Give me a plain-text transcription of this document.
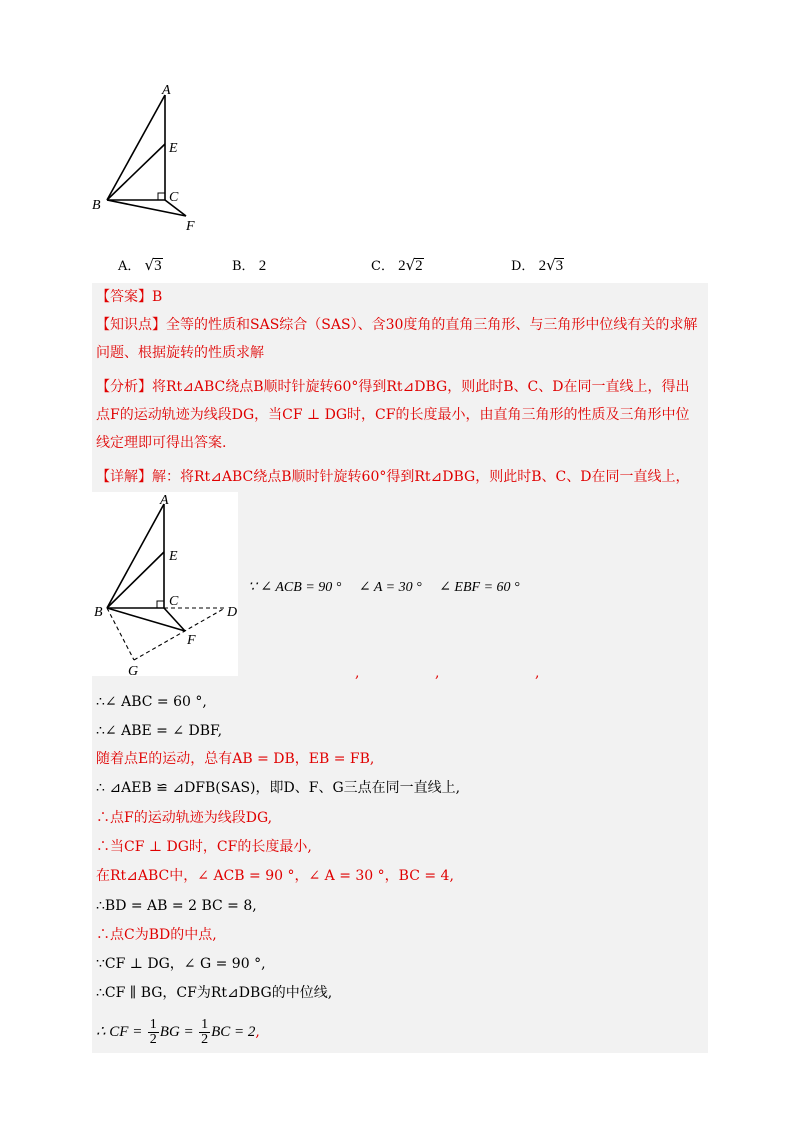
A
E
C
B
F
A． √3	B． 2	C． 2√2	D． 2√3
【答案】B
【知识点】全等的性质和SAS综合（SAS）、含30度角的直角三角形、与三角形中位线有关的求解
问题、根据旋转的性质求解
【分析】将Rt⊿ABC绕点B顺时针旋转60°得到Rt⊿DBG，则此时B、C、D在同一直线上，得出
点F的运动轨迹为线段DG，当CF ⊥ DG时，CF的长度最小，由直角三角形的性质及三角形中位
线定理即可得出答案.
【详解】解：将Rt⊿ABC绕点B顺时针旋转60°得到Rt⊿DBG，则此时B、C、D在同一直线上，
A
E
C
B	D
F
G
∵ ∠ ACB = 90 °　 ∠ A = 30 °　 ∠ EBF = 60 °
,	,	,
∴∠ ABC = 60 °,
∴∠ ABE = ∠ DBF,
随着点E的运动，总有AB = DB，EB = FB,
∴ ⊿AEB ≌ ⊿DFB(SAS)，即D、F、G三点在同一直线上,
∴点F的运动轨迹为线段DG,
∴当CF ⊥ DG时，CF的长度最小,
在Rt⊿ABC中，∠ ACB = 90 °，∠ A = 30 °，BC = 4,
∴BD = AB = 2 BC = 8,
∴点C为BD的中点,
∵CF ⊥ DG，∠ G = 90 °,
∴CF ∥ BG，CF为Rt⊿DBG的中位线,
∴ CF = $\frac{1}{2}$ BG = $\frac{1}{2}$ BC = 2,
